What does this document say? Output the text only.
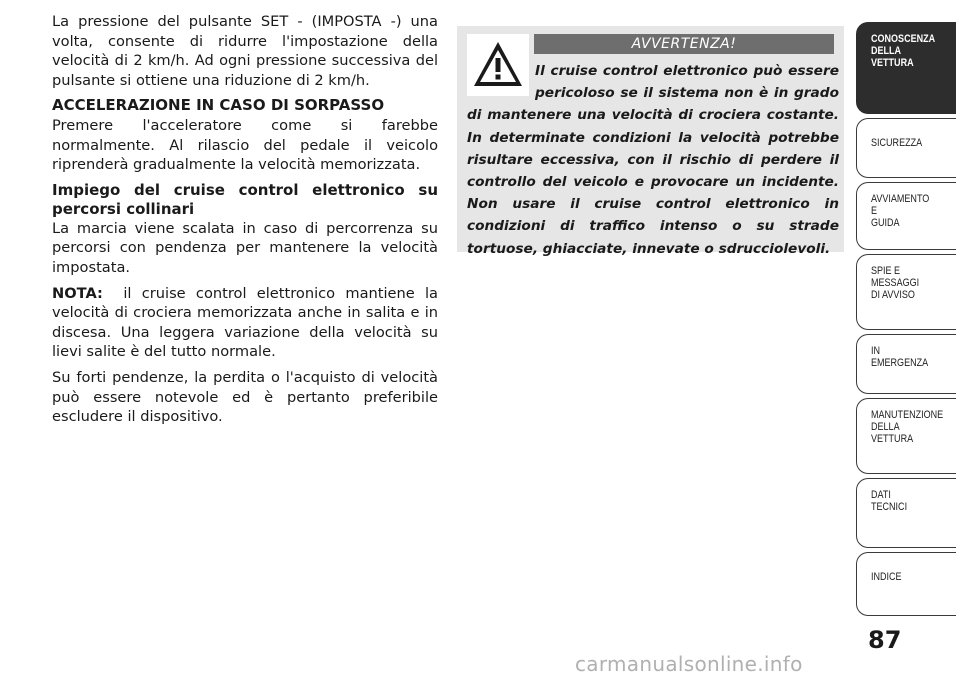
La pressione del pulsante SET - (IMPOSTA -) una volta, consente di ridurre l'impostazione della velocità di 2 km/h. Ad ogni pressione successiva del pulsante si ottiene una riduzione di 2 km/h.

ACCELERAZIONE IN CASO DI SORPASSO

Premere l'acceleratore come si farebbe normalmente. Al rilascio del pedale il veicolo riprenderà gradualmente la velocità memorizzata.

Impiego del cruise control elettronico su percorsi collinari

La marcia viene scalata in caso di percorrenza su percorsi con pendenza per mantenere la velocità impostata.

NOTA: il cruise control elettronico mantiene la velocità di crociera memorizzata anche in salita e in discesa. Una leggera variazione della velocità su lievi salite è del tutto normale.

Su forti pendenze, la perdita o l'acquisto di velocità può essere notevole ed è pertanto preferibile escludere il dispositivo.

AVVERTENZA!
Il cruise control elettronico può essere pericoloso se il sistema non è in grado di mantenere una velocità di crociera costante. In determinate condizioni la velocità potrebbe risultare eccessiva, con il rischio di perdere il controllo del veicolo e provocare un incidente. Non usare il cruise control elettronico in condizioni di traffico intenso o su strade tortuose, ghiacciate, innevate o sdrucciolevoli.
CONOSCENZA
DELLA
VETTURA
SICUREZZA
AVVIAMENTO
E
GUIDA
SPIE E
MESSAGGI
DI AVVISO
IN
EMERGENZA
MANUTENZIONE
DELLA
VETTURA
DATI
TECNICI
INDICE
87
carmanualsonline.info
